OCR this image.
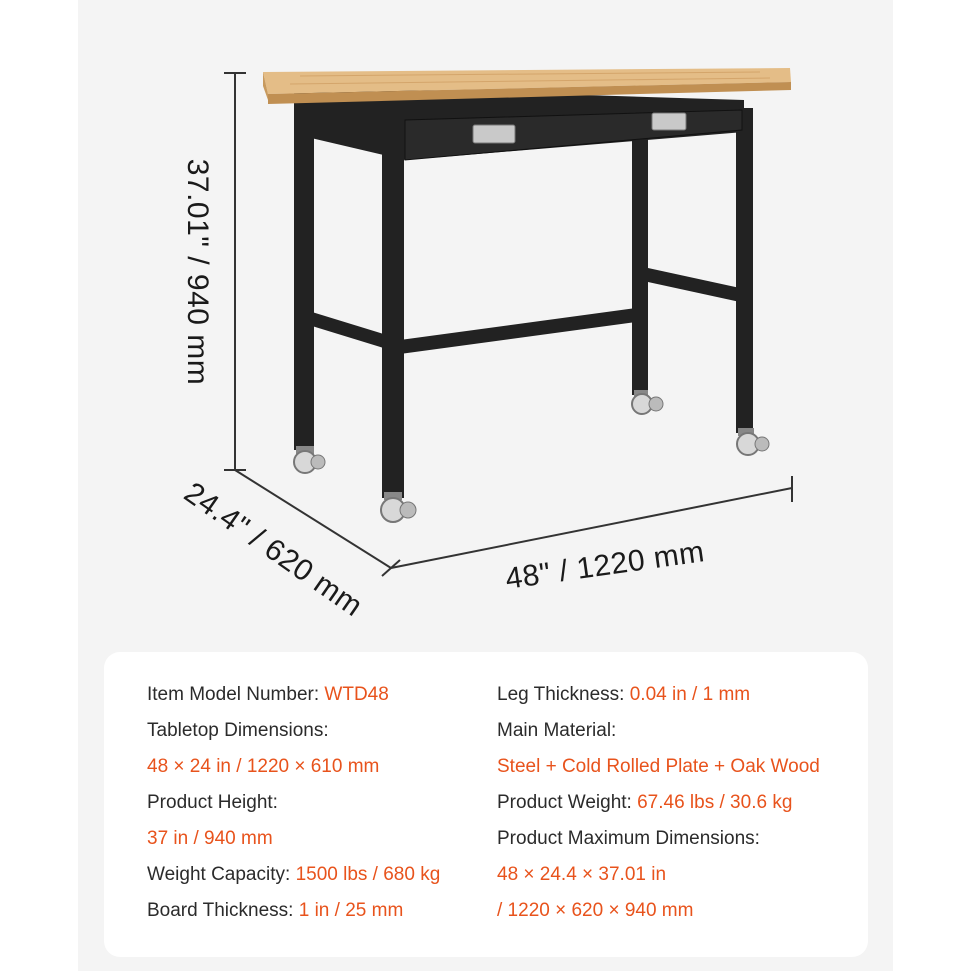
37.01" / 940 mm
24.4" / 620 mm	48" / 1220 mm
Item Model Number: WTD48
Tabletop Dimensions:
48 × 24 in / 1220 × 610 mm
Product Height:
37 in / 940 mm
Weight Capacity: 1500 lbs / 680 kg
Board Thickness: 1 in / 25 mm
Leg Thickness: 0.04 in / 1 mm
Main Material:
Steel + Cold Rolled Plate + Oak Wood
Product Weight: 67.46 lbs / 30.6 kg
Product Maximum Dimensions:
48 × 24.4 × 37.01 in
/ 1220 × 620 × 940 mm
